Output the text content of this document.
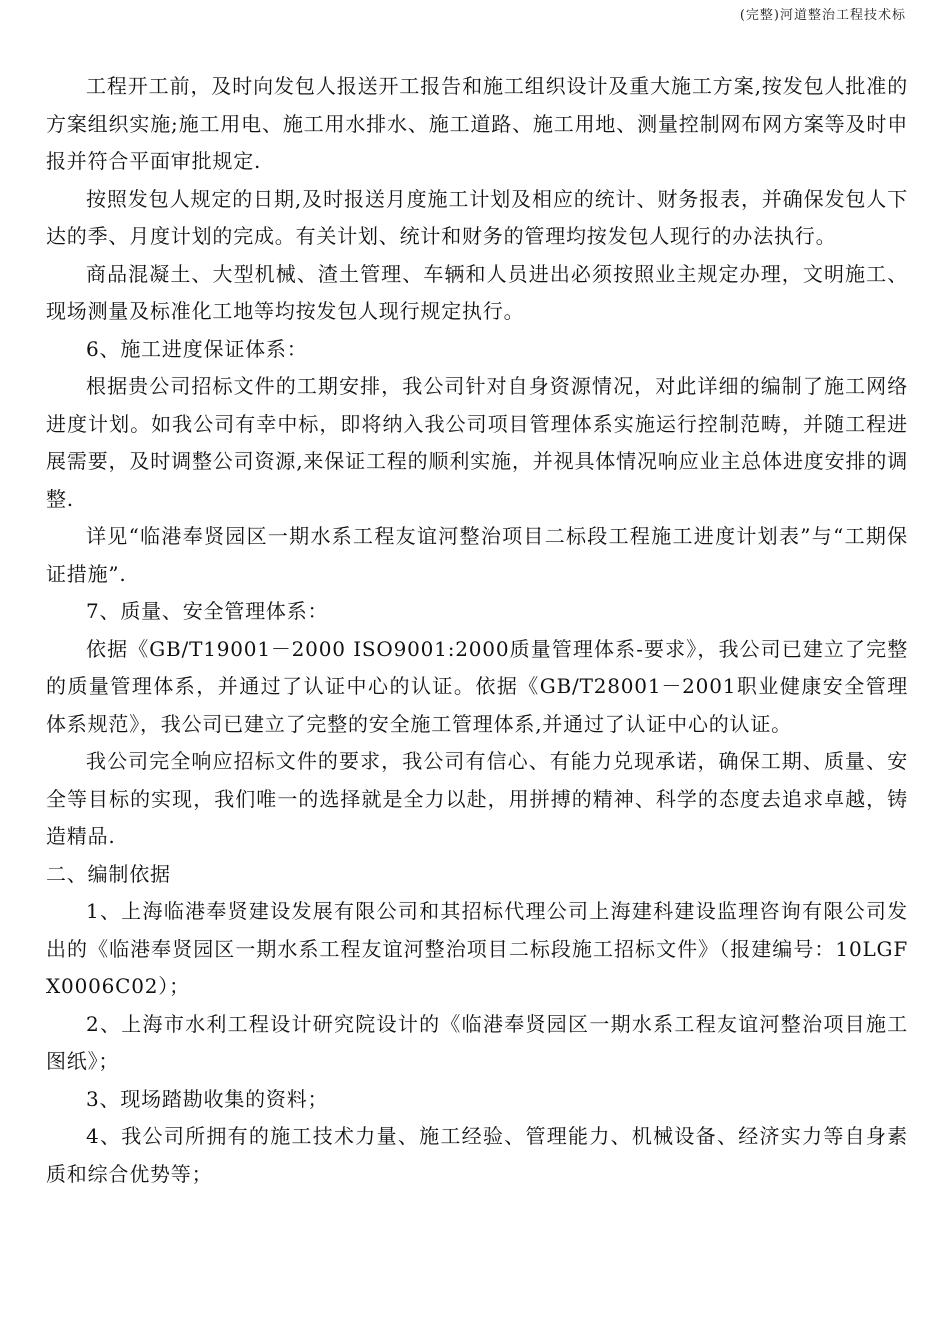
(完整)河道整治工程技术标

工程开工前，及时向发包人报送开工报告和施工组织设计及重大施工方案,按发包人批准的方案组织实施;施工用电、施工用水排水、施工道路、施工用地、测量控制网布网方案等及时申报并符合平面审批规定.

按照发包人规定的日期,及时报送月度施工计划及相应的统计、财务报表，并确保发包人下达的季、月度计划的完成。有关计划、统计和财务的管理均按发包人现行的办法执行。

商品混凝土、大型机械、渣土管理、车辆和人员进出必须按照业主规定办理，文明施工、现场测量及标准化工地等均按发包人现行规定执行。

6、施工进度保证体系：

根据贵公司招标文件的工期安排，我公司针对自身资源情况，对此详细的编制了施工网络进度计划。如我公司有幸中标，即将纳入我公司项目管理体系实施运行控制范畴，并随工程进展需要，及时调整公司资源,来保证工程的顺利实施，并视具体情况响应业主总体进度安排的调整.

详见“临港奉贤园区一期水系工程友谊河整治项目二标段工程施工进度计划表”与“工期保证措施”.

7、质量、安全管理体系：

依据《GB/T19001－2000 ISO9001:2000质量管理体系-要求》，我公司已建立了完整的质量管理体系，并通过了认证中心的认证。依据《GB/T28001－2001职业健康安全管理体系规范》，我公司已建立了完整的安全施工管理体系,并通过了认证中心的认证。

我公司完全响应招标文件的要求，我公司有信心、有能力兑现承诺，确保工期、质量、安全等目标的实现，我们唯一的选择就是全力以赴，用拼搏的精神、科学的态度去追求卓越，铸造精品.

二、编制依据

1、上海临港奉贤建设发展有限公司和其招标代理公司上海建科建设监理咨询有限公司发出的《临港奉贤园区一期水系工程友谊河整治项目二标段施工招标文件》（报建编号：10LGFX0006C02）；

2、上海市水利工程设计研究院设计的《临港奉贤园区一期水系工程友谊河整治项目施工图纸》；

3、现场踏勘收集的资料；

4、我公司所拥有的施工技术力量、施工经验、管理能力、机械设备、经济实力等自身素质和综合优势等；
